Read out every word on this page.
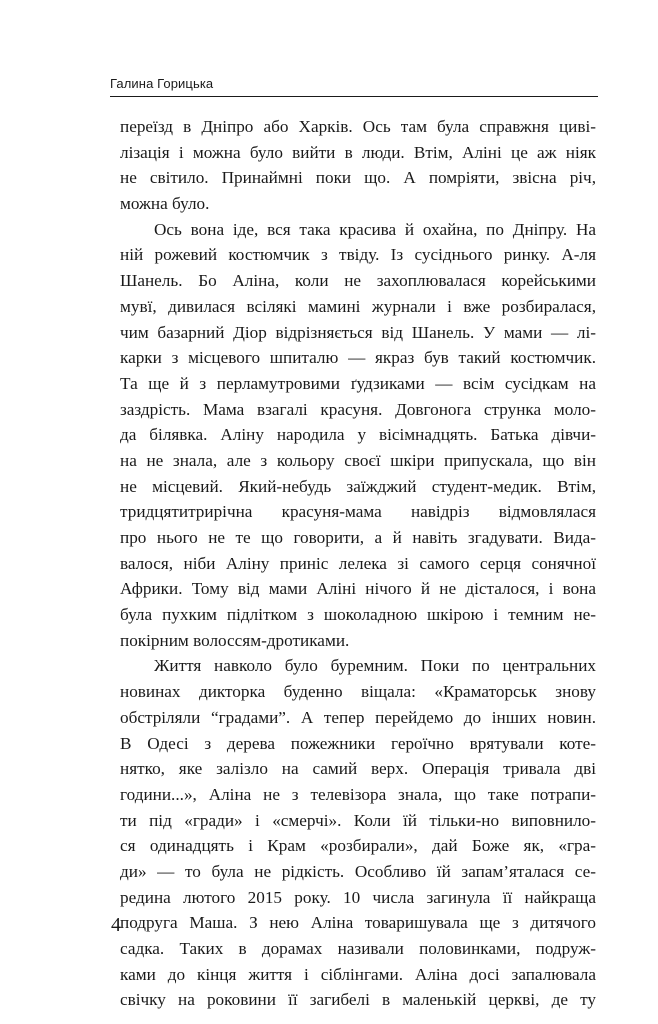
Галина Горицька
переїзд в Дніпро або Харків. Ось там була справжня циві-
лізація і можна було вийти в люди. Втім, Аліні це аж ніяк
не світило. Принаймні поки що. А помріяти, звісна річ,
можна було.
Ось вона іде, вся така красива й охайна, по Дніпру. На
ній рожевий костюмчик з твіду. Із сусіднього ринку. А-ля
Шанель. Бо Аліна, коли не захоплювалася корейськими
мувї, дивилася всілякі мамині журнали і вже розбиралася,
чим базарний Діор відрізняється від Шанель. У мами — лі-
карки з місцевого шпиталю — якраз був такий костюмчик.
Та ще й з перламутровими ґудзиками — всім сусідкам на
заздрість. Мама взагалі красуня. Довгонога струнка моло-
да білявка. Аліну народила у вісімнадцять. Батька дівчи-
на не знала, але з кольору своєї шкіри припускала, що він
не місцевий. Який-небудь заїжджий студент-медик. Втім,
тридцятитрирічна красуня-мама навідріз відмовлялася
про нього не те що говорити, а й навіть згадувати. Вида-
валося, ніби Аліну приніс лелека зі самого серця сонячної
Африки. Тому від мами Аліні нічого й не дісталося, і вона
була пухким підлітком з шоколадною шкірою і темним не-
покірним волоссям-дротиками.
Життя навколо було буремним. Поки по центральних
новинах дикторка буденно віщала: «Краматорськ знову
обстріляли “градами”. А тепер перейдемо до інших новин.
В Одесі з дерева пожежники героїчно врятували коте-
нятко, яке залізло на самий верх. Операція тривала дві
години...», Аліна не з телевізора знала, що таке потрапи-
ти під «гради» і «смерчі». Коли їй тільки-но виповнило-
ся одинадцять і Крам «розбирали», дай Боже як, «гра-
ди» — то була не рідкість. Особливо їй запам’яталася се-
редина лютого 2015 року. 10 числа загинула її найкраща
подруга Маша. З нею Аліна товаришувала ще з дитячого
садка. Таких в дорамах називали половинками, подруж-
ками до кінця життя і сіблінгами. Аліна досі запалювала
свічку на роковини її загибелі в маленькій церкві, де ту
4
